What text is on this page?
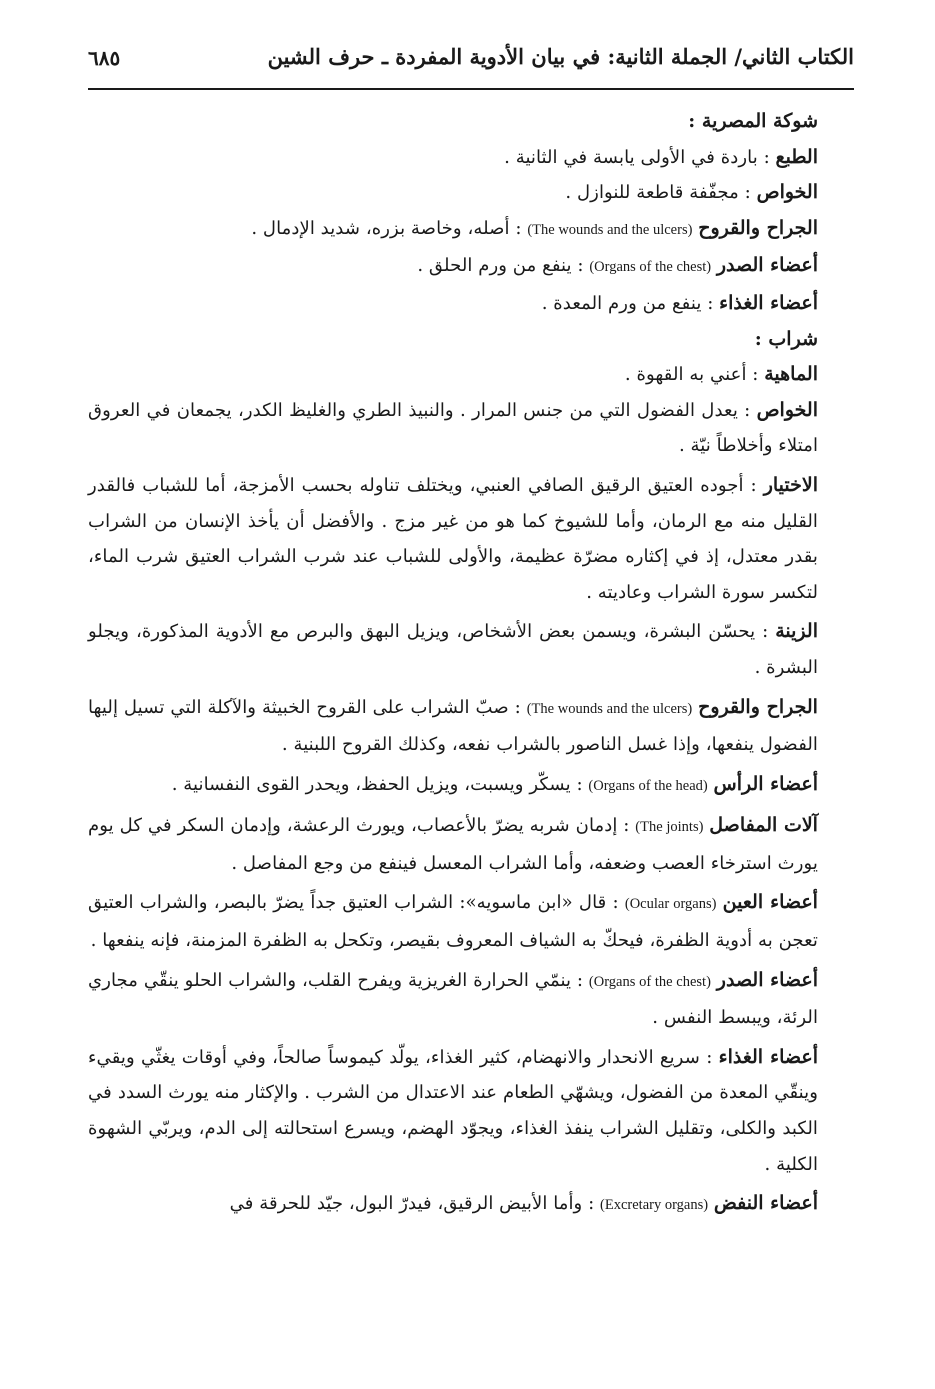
الكتاب الثاني/ الجملة الثانية: في بيان الأدوية المفردة ـ حرف الشين
٦٨٥

شوكة المصرية :

الطبع : باردة في الأولى يابسة في الثانية .

الخواص : مجفّفة قاطعة للنوازل .

الجراح والقروح (The wounds and the ulcers) : أصله، وخاصة بزره، شديد الإدمال .

أعضاء الصدر (Organs of the chest) : ينفع من ورم الحلق .

أعضاء الغذاء : ينفع من ورم المعدة .

شراب :

الماهية : أعني به القهوة .

الخواص : يعدل الفضول التي من جنس المرار . والنبيذ الطري والغليظ الكدر، يجمعان في العروق امتلاء وأخلاطاً نيّة .

الاختيار : أجوده العتيق الرقيق الصافي العنبي، ويختلف تناوله بحسب الأمزجة، أما للشباب فالقدر القليل منه مع الرمان، وأما للشيوخ كما هو من غير مزج . والأفضل أن يأخذ الإنسان من الشراب بقدر معتدل، إذ في إكثاره مضرّة عظيمة، والأولى للشباب عند شرب الشراب العتيق شرب الماء، لتكسر سورة الشراب وعاديته .

الزينة : يحسّن البشرة، ويسمن بعض الأشخاص، ويزيل البهق والبرص مع الأدوية المذكورة، ويجلو البشرة .

الجراح والقروح (The wounds and the ulcers) : صبّ الشراب على القروح الخبيثة والآكلة التي تسيل إليها الفضول ينفعها، وإذا غسل الناصور بالشراب نفعه، وكذلك القروح اللبنية .

أعضاء الرأس (Organs of the head) : يسكّر ويسبت، ويزيل الحفظ، ويحدر القوى النفسانية .

آلات المفاصل (The joints) : إدمان شربه يضرّ بالأعصاب، ويورث الرعشة، وإدمان السكر في كل يوم يورث استرخاء العصب وضعفه، وأما الشراب المعسل فينفع من وجع المفاصل .

أعضاء العين (Ocular organs) : قال «ابن ماسويه»: الشراب العتيق جداً يضرّ بالبصر، والشراب العتيق تعجن به أدوية الظفرة، فيحكّ به الشياف المعروف بقيصر، وتكحل به الظفرة المزمنة، فإنه ينفعها .

أعضاء الصدر (Organs of the chest) : ينمّي الحرارة الغريزية ويفرح القلب، والشراب الحلو ينقّي مجاري الرئة، ويبسط النفس .

أعضاء الغذاء : سريع الانحدار والانهضام، كثير الغذاء، يولّد كيموساً صالحاً، وفي أوقات يغثّي ويقيء وينقّي المعدة من الفضول، ويشهّي الطعام عند الاعتدال من الشرب . والإكثار منه يورث السدد في الكبد والكلى، وتقليل الشراب ينفذ الغذاء، ويجوّد الهضم، ويسرع استحالته إلى الدم، ويربّي الشهوة الكلية .

أعضاء النفض (Excretary organs) : وأما الأبيض الرقيق، فيدرّ البول، جيّد للحرقة في
